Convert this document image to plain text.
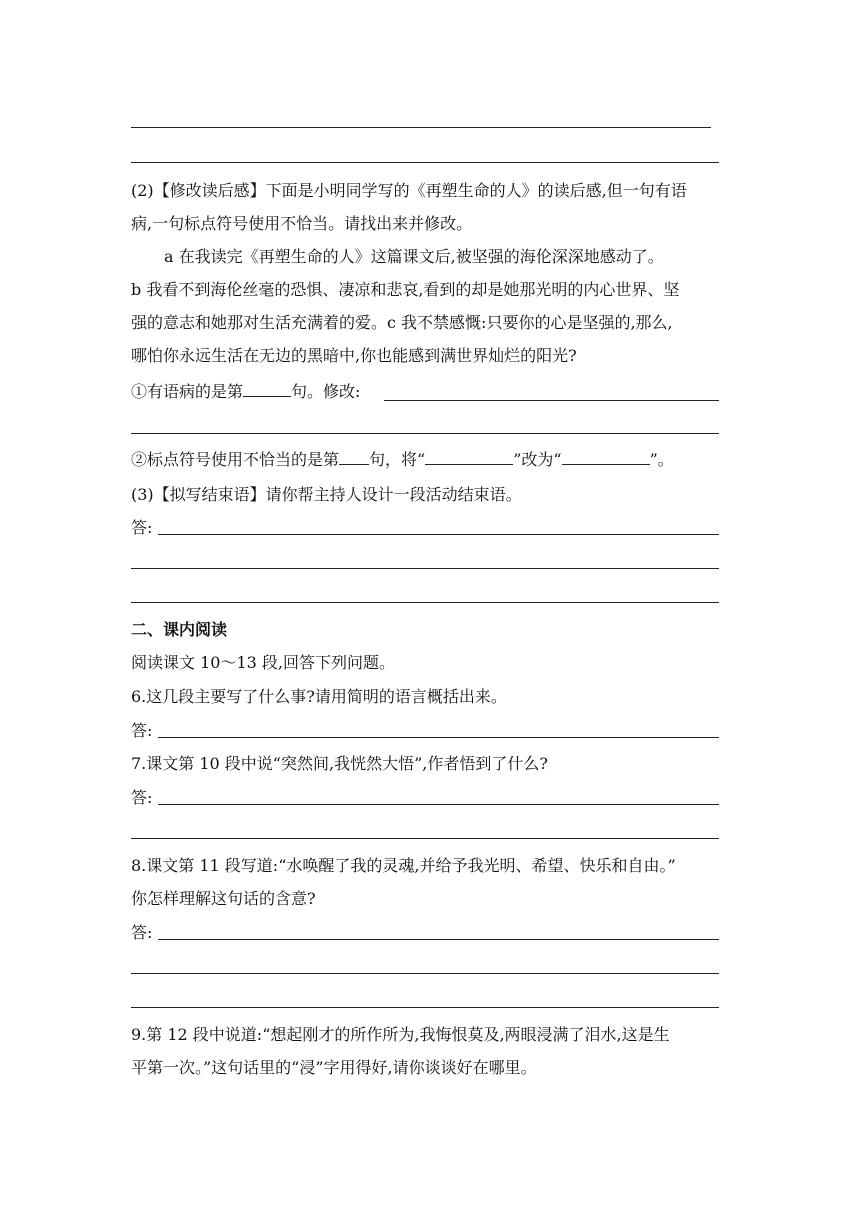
(2)【修改读后感】下面是小明同学写的《再塑生命的人》的读后感,但一句有语
病,一句标点符号使用不恰当。请找出来并修改。
a 在我读完《再塑生命的人》这篇课文后,被坚强的海伦深深地感动了。
b 我看不到海伦丝毫的恐惧、凄凉和悲哀,看到的却是她那光明的内心世界、坚
强的意志和她那对生活充满着的爱。c 我不禁感慨:只要你的心是坚强的,那么,
哪怕你永远生活在无边的黑暗中,你也能感到满世界灿烂的阳光?
①有语病的是第	句。修改:
②标点符号使用不恰当的是第 句，将“	”改为“	”。
(3)【拟写结束语】请你帮主持人设计一段活动结束语。
答:
二、课内阅读
阅读课文 10～13 段,回答下列问题。
6.这几段主要写了什么事?请用简明的语言概括出来。
答:
7.课文第 10 段中说“突然间,我恍然大悟”,作者悟到了什么?
答:
8.课文第 11 段写道:“水唤醒了我的灵魂,并给予我光明、希望、快乐和自由。”
你怎样理解这句话的含意?
答:
9.第 12 段中说道:“想起刚才的所作所为,我悔恨莫及,两眼浸满了泪水,这是生
平第一次。”这句话里的“浸”字用得好,请你谈谈好在哪里。
